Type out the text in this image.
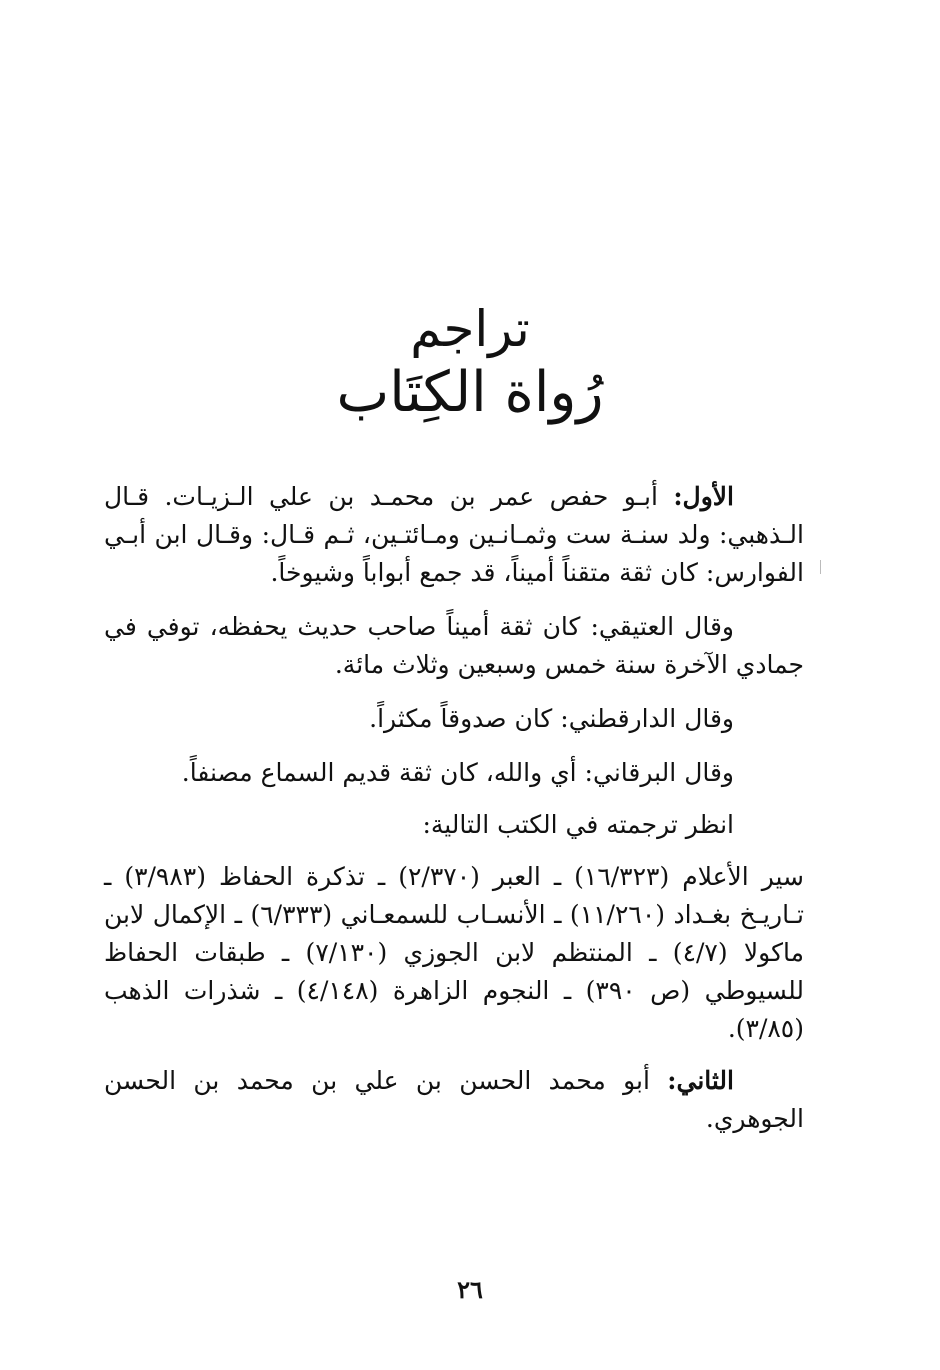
تراجم
رُواة الكِتَاب

الأول: أبـو حفص عمر بن محمـد بن علي الـزيـات. قـال الـذهبي: ولد سنـة ست وثمـانـين ومـائتـين، ثـم قـال: وقـال ابن أبـي الفوارس: كان ثقة متقناً أميناً، قد جمع أبواباً وشيوخاً.

وقال العتيقي: كان ثقة أميناً صاحب حديث يحفظه، توفي في جمادي الآخرة سنة خمس وسبعين وثلاث مائة.

وقال الدارقطني: كان صدوقاً مكثراً.

وقال البرقاني: أي والله، كان ثقة قديم السماع مصنفاً.

انظر ترجمته في الكتب التالية:

سير الأعلام (١٦/٣٢٣) ـ العبر (٢/٣٧٠) ـ تذكرة الحفاظ (٣/٩٨٣) ـ تـاريـخ بغـداد (١١/٢٦٠) ـ الأنسـاب للسمعـاني (٦/٣٣٣) ـ الإكمال لابن ماكولا (٤/٧) ـ المنتظم لابن الجوزي (٧/١٣٠) ـ طبقات الحفاظ للسيوطي (ص ٣٩٠) ـ النجوم الزاهرة (٤/١٤٨) ـ شذرات الذهب (٣/٨٥).

الثاني: أبو محمد الحسن بن علي بن محمد بن الحسن الجوهري.

٢٦
